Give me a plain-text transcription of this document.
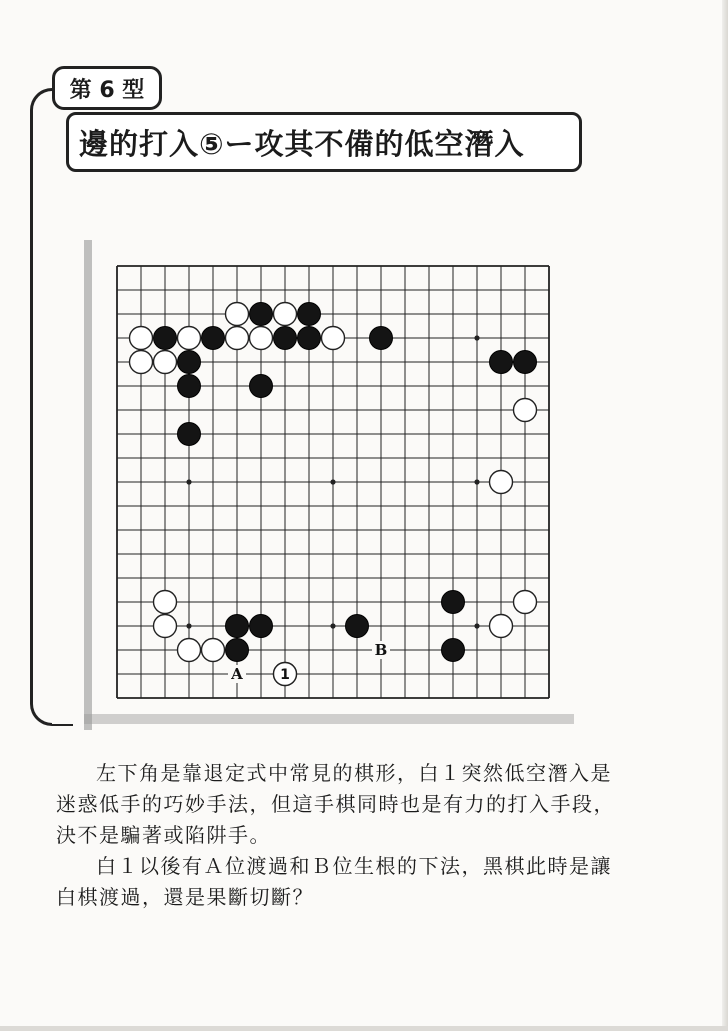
第 6 型
邊的打入⑤ー攻其不備的低空潛入
1
A
B

左下角是靠退定式中常見的棋形，白１突然低空潛入是迷惑低手的巧妙手法，但這手棋同時也是有力的打入手段，決不是騙著或陷阱手。

白１以後有Ａ位渡過和Ｂ位生根的下法，黑棋此時是讓白棋渡過，還是果斷切斷？
